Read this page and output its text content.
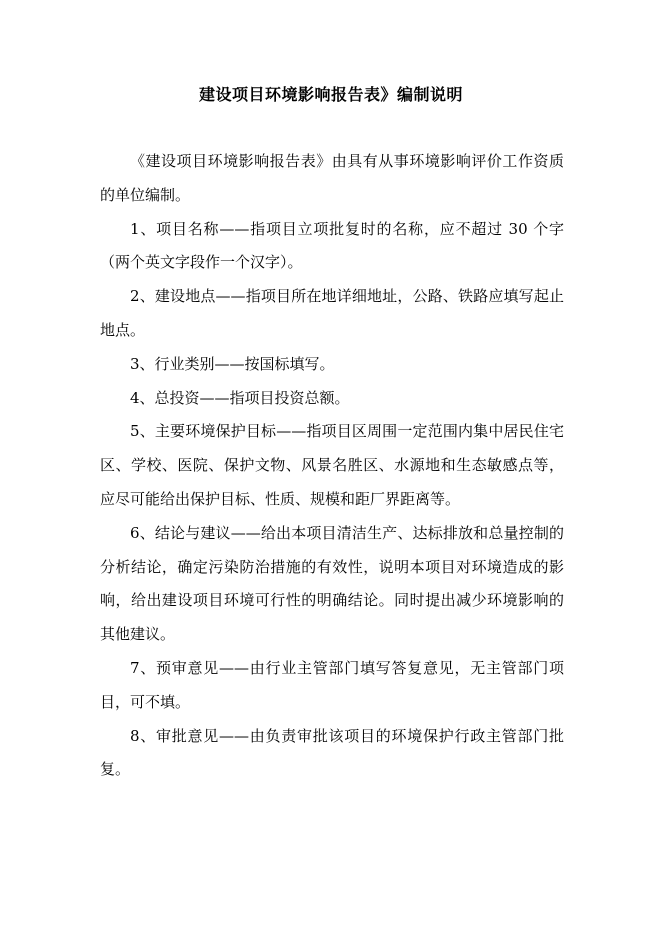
建设项目环境影响报告表》编制说明

《建设项目环境影响报告表》由具有从事环境影响评价工作资质的单位编制。

1、项目名称——指项目立项批复时的名称，应不超过 30 个字（两个英文字段作一个汉字）。

2、建设地点——指项目所在地详细地址，公路、铁路应填写起止地点。

3、行业类别——按国标填写。

4、总投资——指项目投资总额。

5、主要环境保护目标——指项目区周围一定范围内集中居民住宅区、学校、医院、保护文物、风景名胜区、水源地和生态敏感点等，应尽可能给出保护目标、性质、规模和距厂界距离等。

6、结论与建议——给出本项目清洁生产、达标排放和总量控制的分析结论，确定污染防治措施的有效性，说明本项目对环境造成的影响，给出建设项目环境可行性的明确结论。同时提出减少环境影响的其他建议。

7、预审意见——由行业主管部门填写答复意见，无主管部门项目，可不填。

8、审批意见——由负责审批该项目的环境保护行政主管部门批复。
